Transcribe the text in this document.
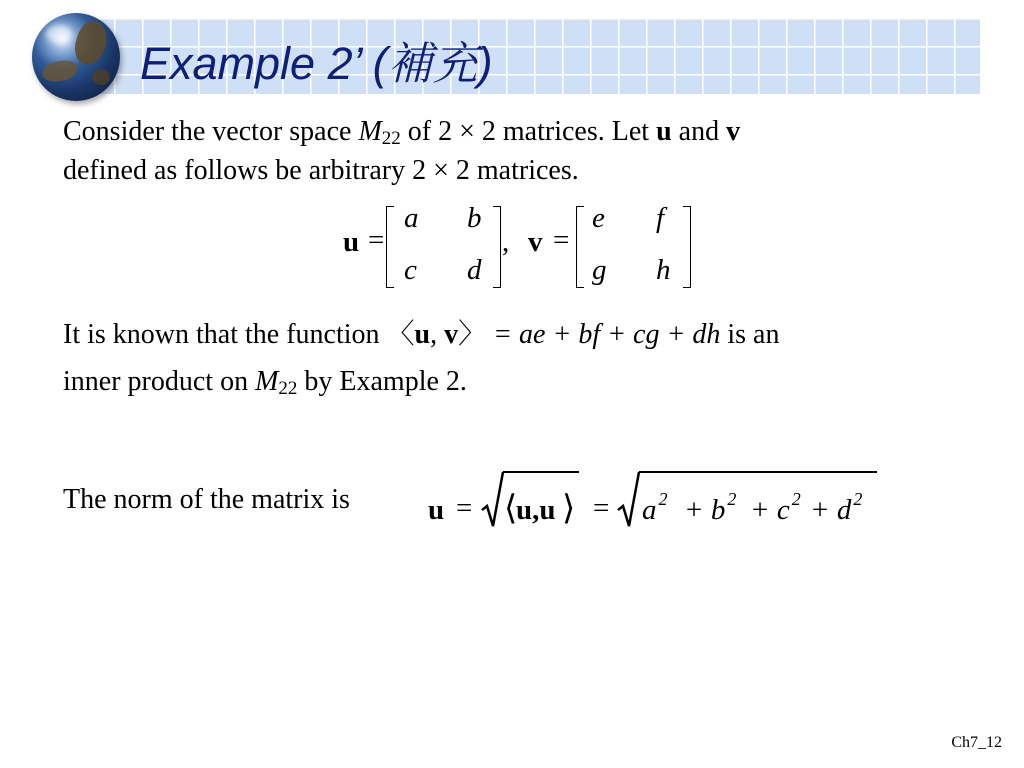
Example 2’ (補充)
Consider the vector space $M_{22}$ of 2 × 2 matrices. Let u and v
defined as follows be arbitrary 2 × 2 matrices.
u =
a b
c d
, v =
e f
g h
It is known that the function 〈u, v〉 = ae + bf + cg + dh is an
inner product on $M_{22}$ by Example 2.
The norm of the matrix is	u = ⟨
u,u ⟩ = a $^2$ + b $^2$ + c $^2$ + d $^2$
Ch7_12
